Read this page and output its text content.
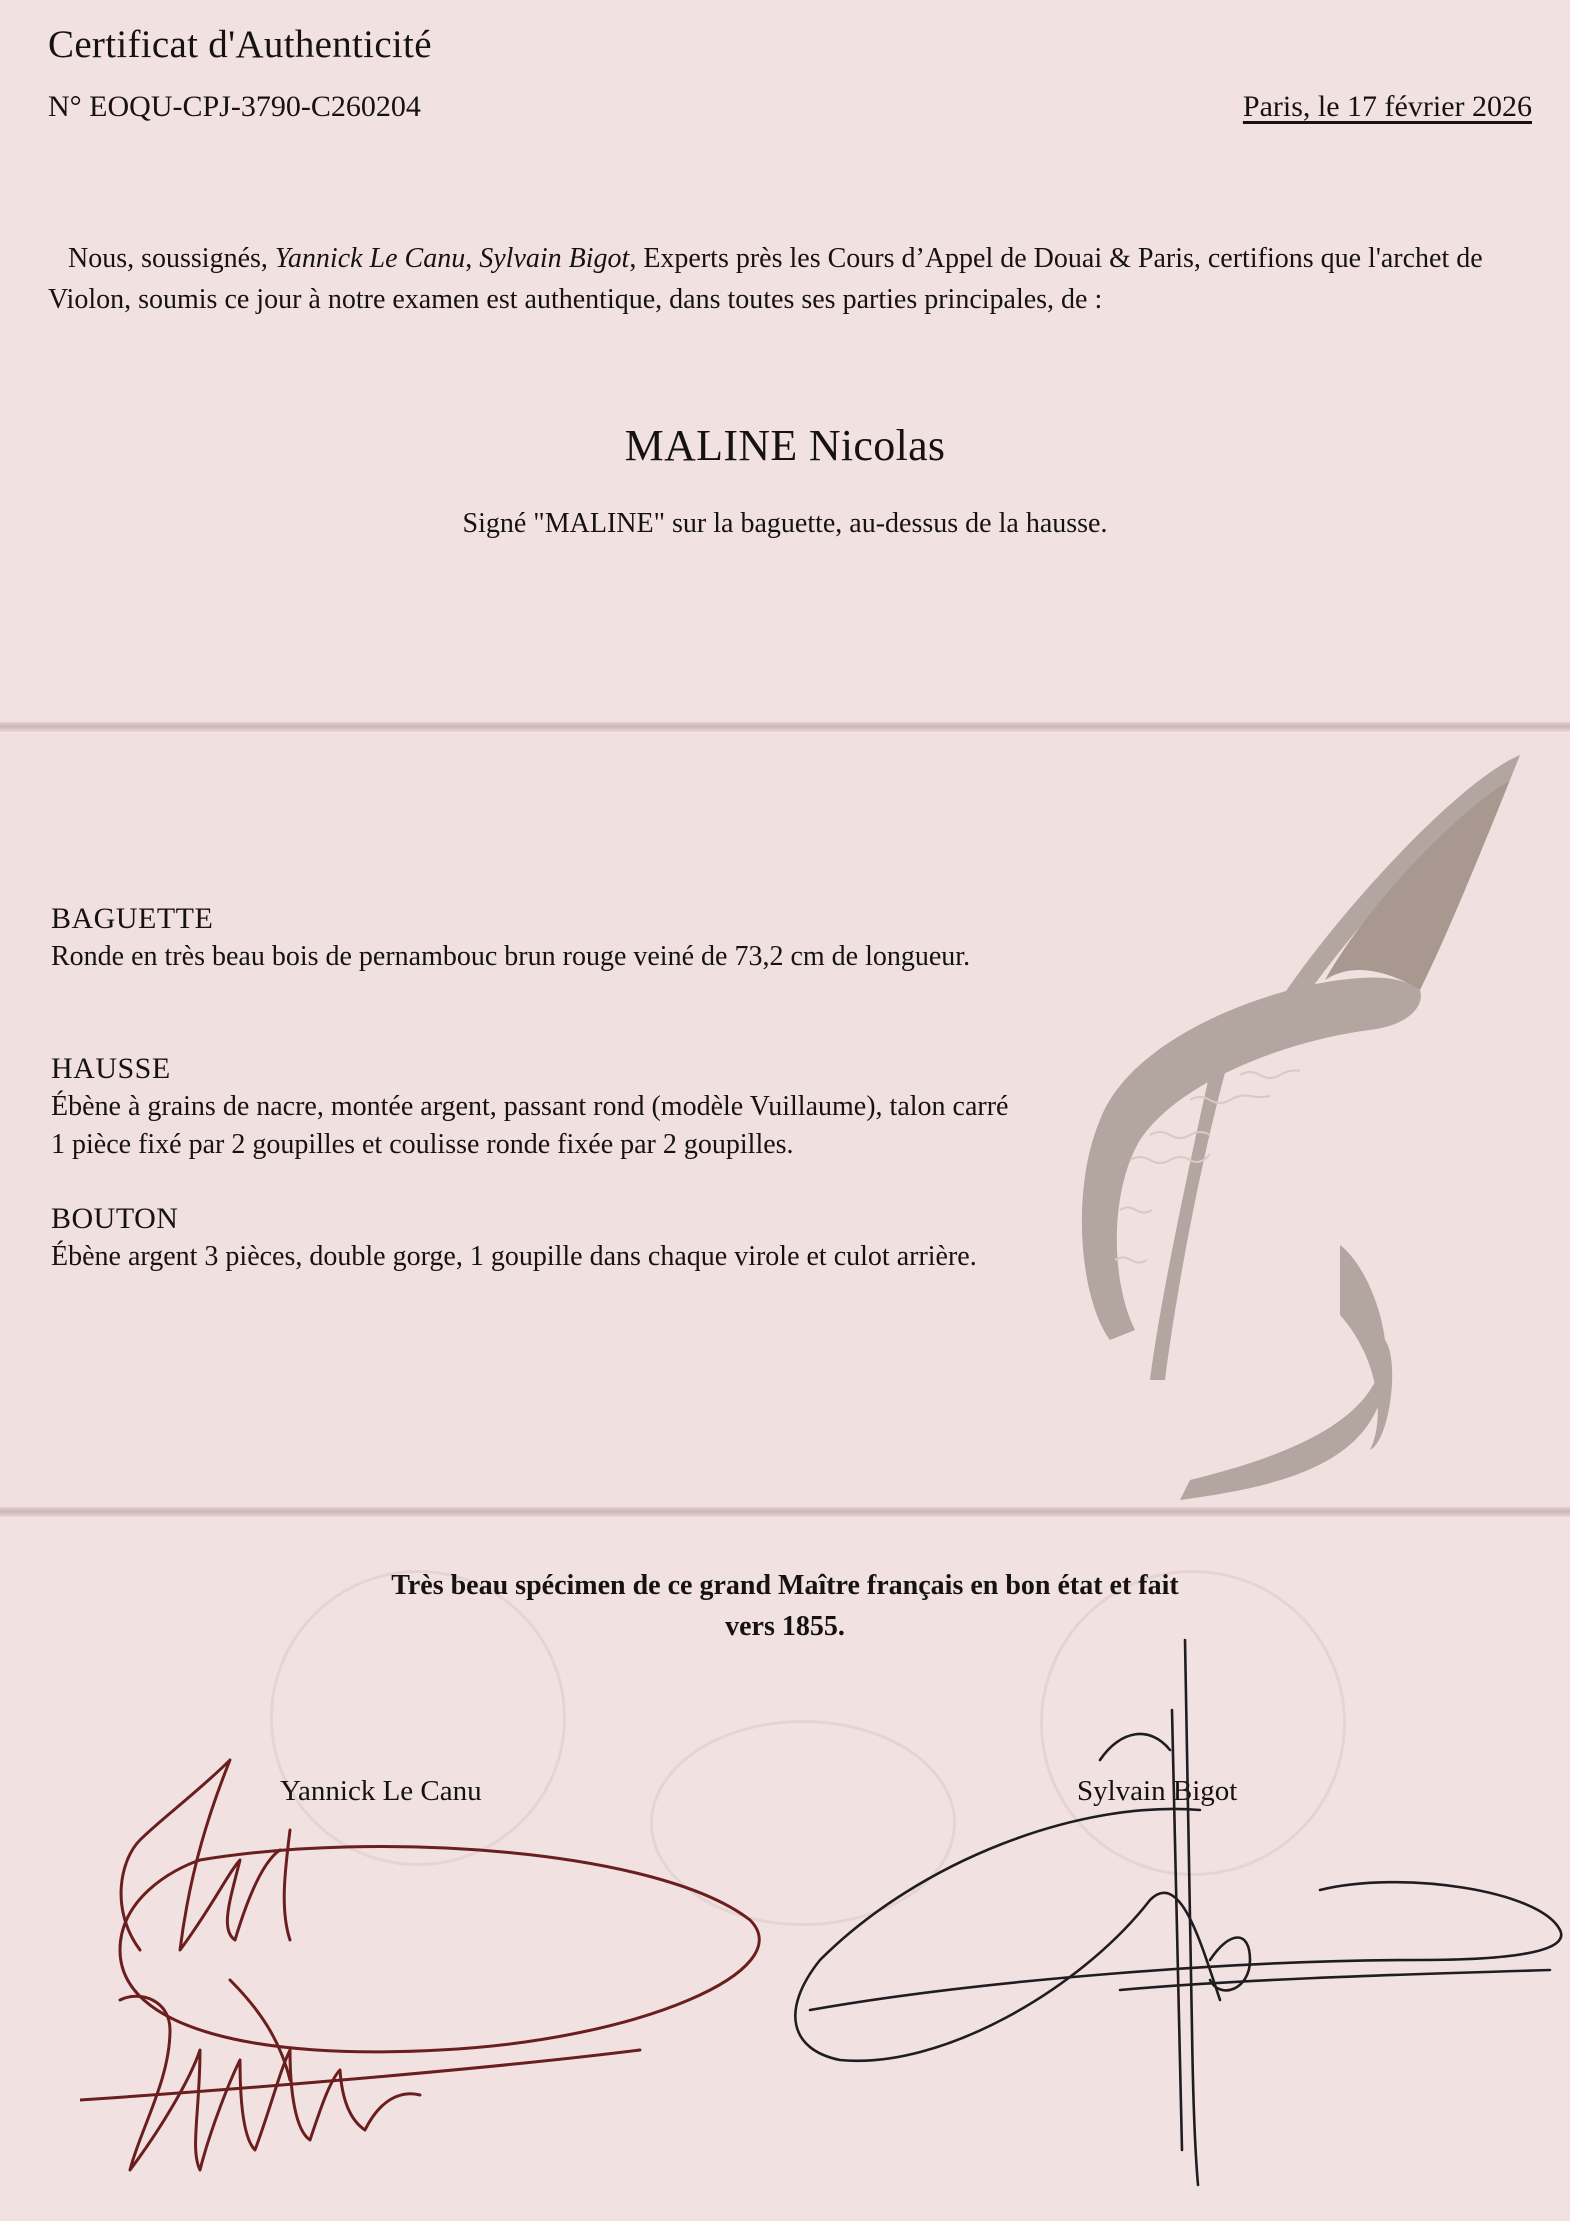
Certificat d'Authenticité
N° EOQU-CPJ-3790-C260204	Paris, le 17 février 2026

Nous, soussignés, Yannick Le Canu, Sylvain Bigot, Experts près les Cours d’Appel de Douai & Paris, certifions que l'archet de Violon, soumis ce jour à notre examen est authentique, dans toutes ses parties principales, de :

MALINE Nicolas
Signé "MALINE" sur la baguette, au-dessus de la hausse.
BAGUETTE

Ronde en très beau bois de pernambouc brun rouge veiné de 73,2 cm de longueur.

HAUSSE

Ébène à grains de nacre, montée argent, passant rond (modèle Vuillaume), talon carré 1 pièce fixé par 2 goupilles et coulisse ronde fixée par 2 goupilles.

BOUTON

Ébène argent 3 pièces, double gorge, 1 goupille dans chaque virole et culot arrière.

Très beau spécimen de ce grand Maître français en bon état et fait
vers 1855.
Yannick Le Canu	Sylvain Bigot
